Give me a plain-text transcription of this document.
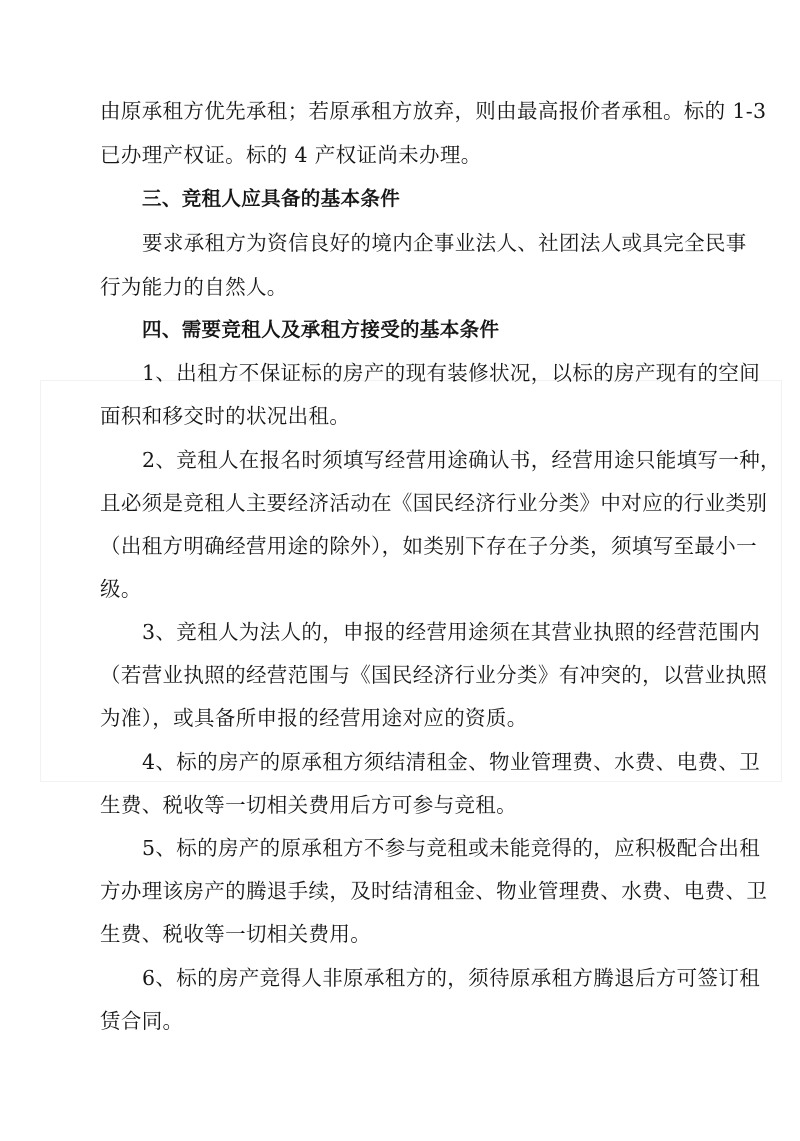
由原承租方优先承租；若原承租方放弃，则由最高报价者承租。标的 1-3
已办理产权证。标的 4 产权证尚未办理。
三、竞租人应具备的基本条件
要求承租方为资信良好的境内企事业法人、社团法人或具完全民事
行为能力的自然人。
四、需要竞租人及承租方接受的基本条件
1、出租方不保证标的房产的现有装修状况，以标的房产现有的空间
面积和移交时的状况出租。
2、竞租人在报名时须填写经营用途确认书，经营用途只能填写一种，
且必须是竞租人主要经济活动在《国民经济行业分类》中对应的行业类别
（出租方明确经营用途的除外），如类别下存在子分类，须填写至最小一
级。
3、竞租人为法人的，申报的经营用途须在其营业执照的经营范围内
（若营业执照的经营范围与《国民经济行业分类》有冲突的，以营业执照
为准），或具备所申报的经营用途对应的资质。
4、标的房产的原承租方须结清租金、物业管理费、水费、电费、卫
生费、税收等一切相关费用后方可参与竞租。
5、标的房产的原承租方不参与竞租或未能竞得的，应积极配合出租
方办理该房产的腾退手续，及时结清租金、物业管理费、水费、电费、卫
生费、税收等一切相关费用。
6、标的房产竞得人非原承租方的，须待原承租方腾退后方可签订租
赁合同。
